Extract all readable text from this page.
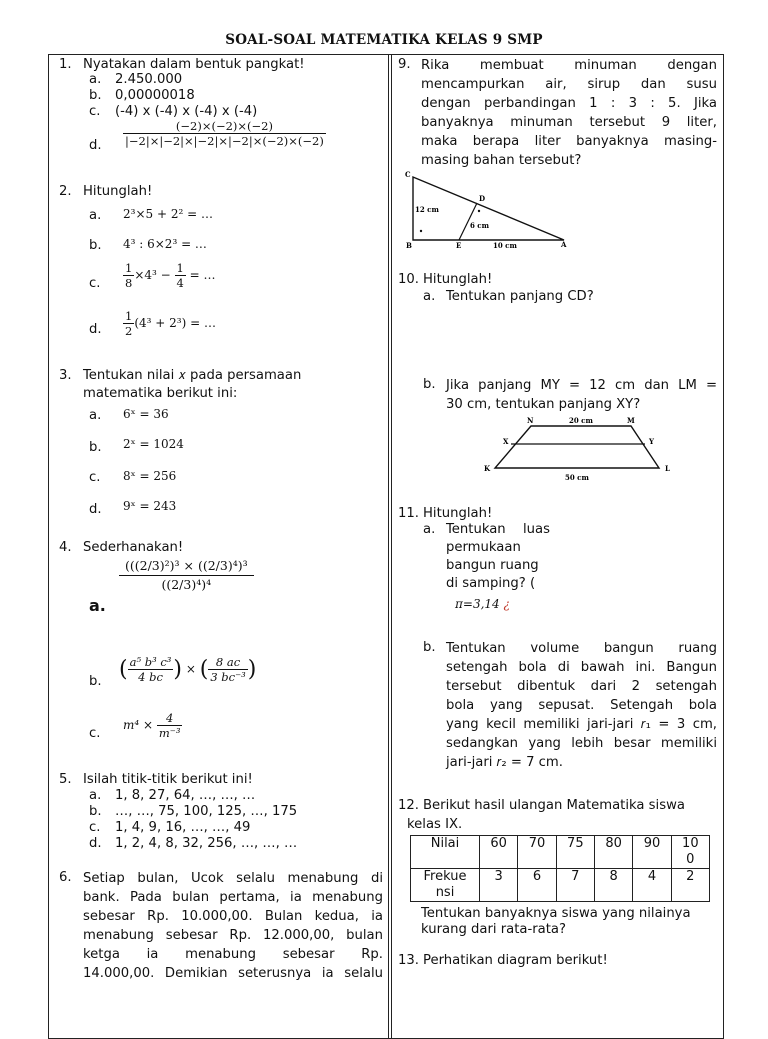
SOAL-SOAL MATEMATIKA KELAS 9 SMP
1. Nyatakan dalam bentuk pangkat!
a. 2.450.000
b. 0,00000018
c. (-4) x (-4) x (-4) x (-4)
d. $\frac{(-2)\times(-2)\times(-2)}{|-2|\times|-2|\times|-2|\times|-2|\times(-2)\times(-2)}$
2. Hitunglah!
a. 2³×5 + 2² = …
b. 4³ : 6×2³ = …
c. $\frac{1}{8} \times 4^3 - \frac{1}{4}$ = …
d. $\frac{1}{2} (4^3 + 2^3)$ = …
3. Tentukan nilai 𝑥 pada persamaan
matematika berikut ini:
a. 6ˣ = 36
b. 2ˣ = 1024
c. 8ˣ = 256
d. 9ˣ = 243
4. Sederhanakan!
a.
$\frac{\text{(((2/3)²)³ × ((2/3)⁴)³}}{\text{((2/3)⁴)⁴}}$
b. ( $\frac{\text{a⁵ b³ c³}}{4 bc}$ ) × ( $\frac{8 ac}{\text{3 bc⁻³}}$ )
c.
$m^4 \times \frac{4}{\text{m⁻³}}$
5. Isilah titik-titik berikut ini!
a. 1, 8, 27, 64, …, …, …
b. …, …, 75, 100, 125, …, 175
c. 1, 4, 9, 16, …, …, 49
d. 1, 2, 4, 8, 32, 256, …, …, …
6. Setiap bulan, Ucok selalu menabung di
bank. Pada bulan pertama, ia menabung
sebesar Rp. 10.000,00. Bulan kedua, ia
menabung sebesar Rp. 12.000,00, bulan
ketga ia menabung sebesar Rp.
14.000,00. Demikian seterusnya ia selalu
9. Rika membuat minuman dengan
mencampurkan air, sirup dan susu
dengan perbandingan 1 : 3 : 5. Jika
banyaknya minuman tersebut 9 liter,
maka berapa liter banyaknya masing-
masing bahan tersebut?
C
D
B	E	A
12 cm
6 cm
10 cm
10. Hitunglah!
a. Tentukan panjang CD?
b. Jika panjang MY = 12 cm dan LM =
30 cm, tentukan panjang XY?
N	M
X	Y
K	L
20 cm
50 cm
11. Hitunglah!
a. Tentukan luas
permukaan
bangun ruang
di samping? (
π=3,14 ¿
b. Tentukan volume bangun ruang
setengah bola di bawah ini. Bangun
tersebut dibentuk dari 2 setengah
bola yang sepusat. Setengah bola
yang kecil memiliki jari-jari 𝑟₁ = 3 cm,
sedangkan yang lebih besar memiliki
jari-jari 𝑟₂ = 7 cm.
12. Berikut hasil ulangan Matematika siswa
kelas IX.
Nilai	60	70	75	80	90	10
0

Frekue
nsi	3	6	7	8	4	2
Tentukan banyaknya siswa yang nilainya
kurang dari rata-rata?
13. Perhatikan diagram berikut!
